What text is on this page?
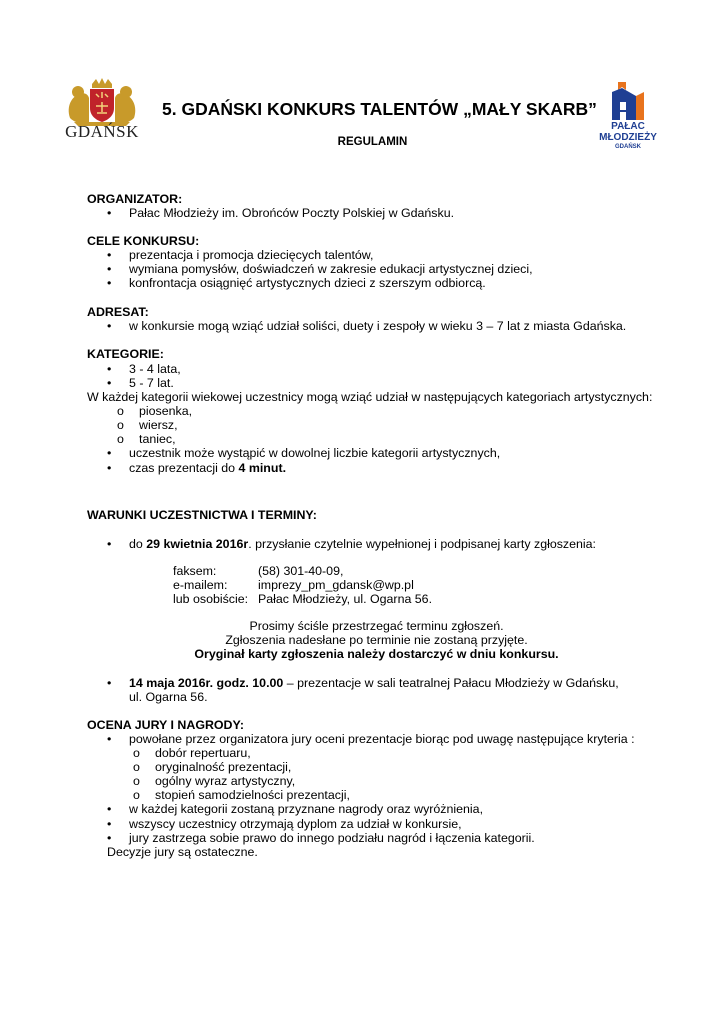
GDAŃSK	PAŁAC
MŁODZIEŻY
GDAŃSK
5. GDAŃSKI KONKURS TALENTÓW „MAŁY SKARB”
REGULAMIN
ORGANIZATOR:
• Pałac Młodzieży im. Obrońców Poczty Polskiej w Gdańsku.
CELE KONKURSU:
• prezentacja i promocja dziecięcych talentów,
• wymiana pomysłów, doświadczeń w zakresie edukacji artystycznej dzieci,
• konfrontacja osiągnięć artystycznych dzieci z szerszym odbiorcą.
ADRESAT:
• w konkursie mogą wziąć udział soliści, duety i zespoły w wieku 3 – 7 lat z miasta Gdańska.
KATEGORIE:
• 3 - 4 lata,
• 5 - 7 lat.
W każdej kategorii wiekowej uczestnicy mogą wziąć udział w następujących kategoriach artystycznych:
o piosenka,
o wiersz,
o taniec,
• uczestnik może wystąpić w dowolnej liczbie kategorii artystycznych,
• czas prezentacji do 4 minut.
WARUNKI UCZESTNICTWA I TERMINY:
• do 29 kwietnia 2016r. przysłanie czytelnie wypełnionej i podpisanej karty zgłoszenia:
faksem:	(58) 301-40-09,
e-mailem: imprezy_pm_gdansk@wp.pl
lub osobiście: Pałac Młodzieży, ul. Ogarna 56.
Prosimy ściśle przestrzegać terminu zgłoszeń.
Zgłoszenia nadesłane po terminie nie zostaną przyjęte.
Oryginał karty zgłoszenia należy dostarczyć w dniu konkursu.
• 14 maja 2016r. godz. 10.00 – prezentacje w sali teatralnej Pałacu Młodzieży w Gdańsku,
ul. Ogarna 56.
OCENA JURY I NAGRODY:
• powołane przez organizatora jury oceni prezentacje biorąc pod uwagę następujące kryteria :
o dobór repertuaru,
o oryginalność prezentacji,
o ogólny wyraz artystyczny,
o stopień samodzielności prezentacji,
• w każdej kategorii zostaną przyznane nagrody oraz wyróżnienia,
• wszyscy uczestnicy otrzymają dyplom za udział w konkursie,
• jury zastrzega sobie prawo do innego podziału nagród i łączenia kategorii.
Decyzje jury są ostateczne.
